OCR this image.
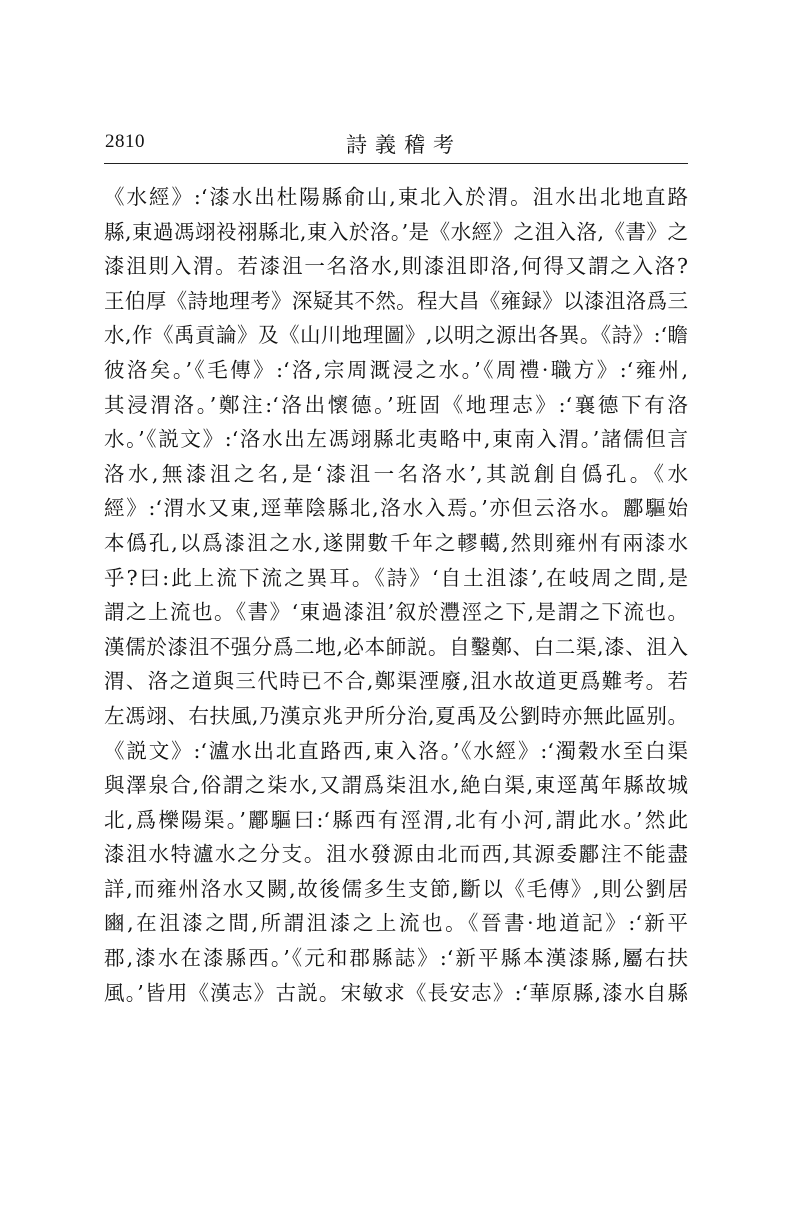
2810	詩義稽考
《水經》:‘漆水出杜陽縣俞山,東北入於渭。沮水出北地直路
縣,東過馮翊祋祤縣北,東入於洛。’是《水經》之沮入洛,《書》之
漆沮則入渭。若漆沮一名洛水,則漆沮即洛,何得又謂之入洛?
王伯厚《詩地理考》深疑其不然。程大昌《雍録》以漆沮洛爲三
水,作《禹貢論》及《山川地理圖》,以明之源出各異。《詩》:‘瞻
彼洛矣。’《毛傳》:‘洛,宗周溉浸之水。’《周禮·職方》:‘雍州,
其浸渭洛。’鄭注:‘洛出懷德。’班固《地理志》:‘襄德下有洛
水。’《説文》:‘洛水出左馮翊縣北夷略中,東南入渭。’諸儒但言
洛水,無漆沮之名,是‘漆沮一名洛水’,其説創自僞孔。《水
經》:‘渭水又東,逕華陰縣北,洛水入焉。’亦但云洛水。酈驅始
本僞孔,以爲漆沮之水,遂開數千年之轇轕,然則雍州有兩漆水
乎?曰:此上流下流之異耳。《詩》‘自土沮漆’,在岐周之間,是
謂之上流也。《書》‘東過漆沮’叙於灃涇之下,是謂之下流也。
漢儒於漆沮不强分爲二地,必本師説。自鑿鄭、白二渠,漆、沮入
渭、洛之道與三代時已不合,鄭渠湮廢,沮水故道更爲難考。若
左馮翊、右扶風,乃漢京兆尹所分治,夏禹及公劉時亦無此區别。
《説文》:‘瀘水出北直路西,東入洛。’《水經》:‘濁穀水至白渠
與澤泉合,俗謂之柒水,又謂爲柒沮水,絶白渠,東逕萬年縣故城
北,爲櫟陽渠。’酈驅曰:‘縣西有涇渭,北有小河,謂此水。’然此
漆沮水特瀘水之分支。沮水發源由北而西,其源委酈注不能盡
詳,而雍州洛水又闕,故後儒多生支節,斷以《毛傳》,則公劉居
豳,在沮漆之間,所謂沮漆之上流也。《晉書·地道記》:‘新平
郡,漆水在漆縣西。’《元和郡縣誌》:‘新平縣本漢漆縣,屬右扶
風。’皆用《漢志》古説。宋敏求《長安志》:‘華原縣,漆水自縣
